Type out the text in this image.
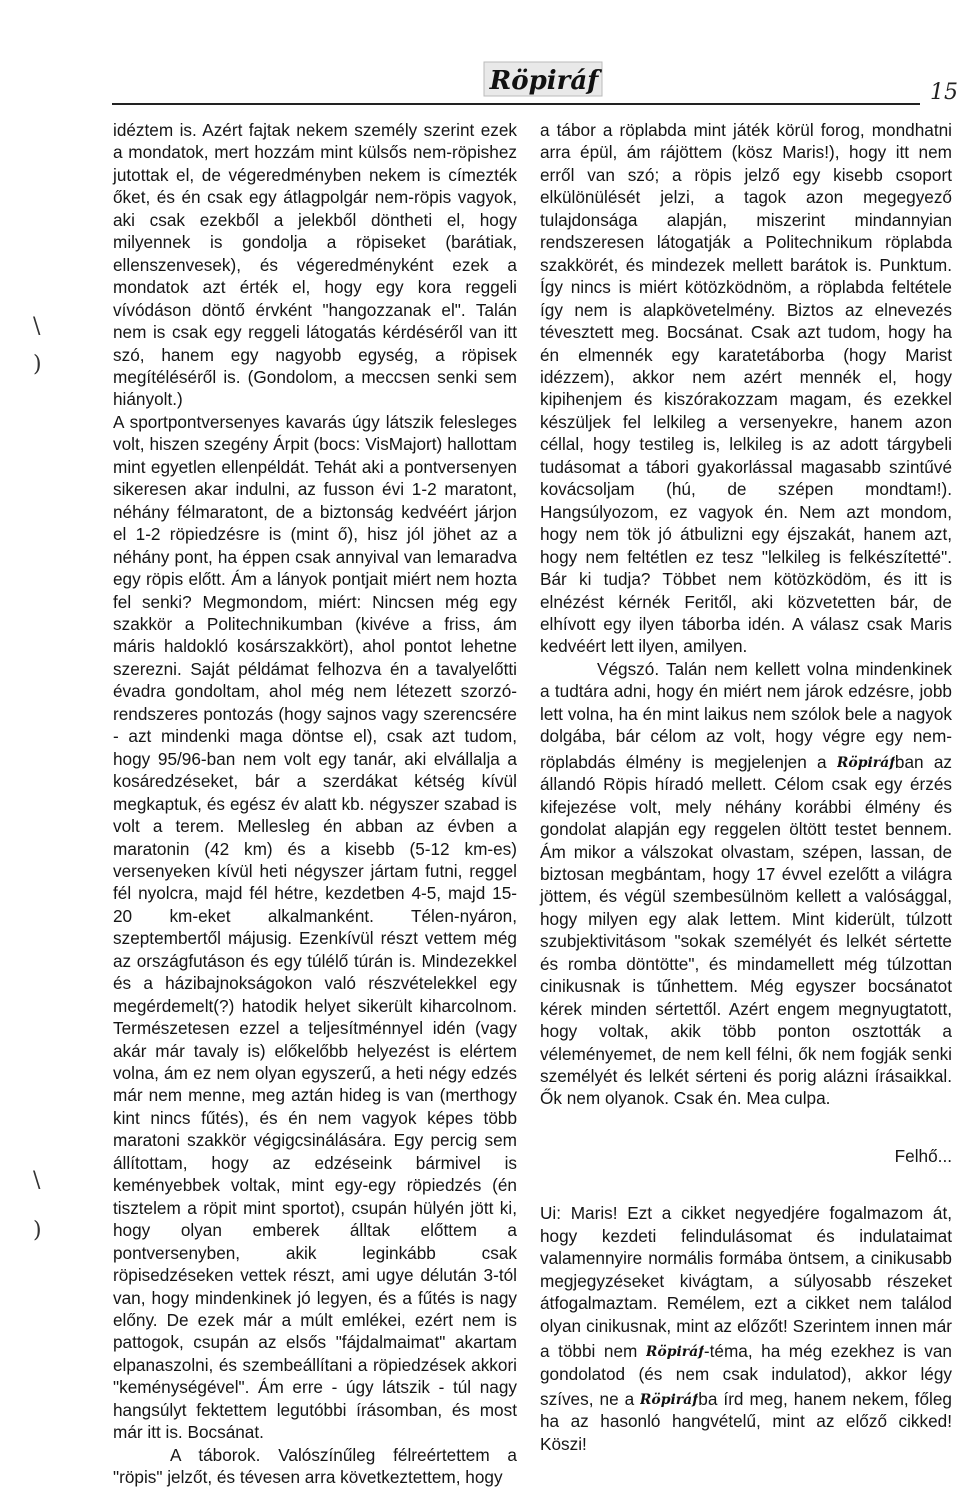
Röpiráf	15
\
)
\
)

idéztem is. Azért fajtak nekem személy szerint ezek a mondatok, mert hozzám mint külsős nem-röpishez jutottak el, de végeredményben nekem is címezték őket, és én csak egy átlagpolgár nem-röpis vagyok, aki csak ezekből a jelekből döntheti el, hogy milyennek is gondolja a röpiseket (barátiak, ellenszenvesek), és végeredményként ezek a mondatok azt érték el, hogy egy kora reggeli vívódáson döntő érvként "hangozzanak el". Talán nem is csak egy reggeli látogatás kérdéséről van itt szó, hanem egy nagyobb egység, a röpisek megítéléséről is. (Gondolom, a meccsen senki sem hiányolt.)

A sportpontversenyes kavarás úgy látszik felesleges volt, hiszen szegény Árpit (bocs: VisMajort) hallottam mint egyetlen ellenpéldát. Tehát aki a pontversenyen sikeresen akar indulni, az fusson évi 1-2 maratont, néhány félmaratont, de a biztonság kedvéért járjon el 1-2 röpiedzésre is (mint ő), hisz jól jöhet az a néhány pont, ha éppen csak annyival van lemaradva egy röpis előtt. Ám a lányok pontjait miért nem hozta fel senki? Megmondom, miért: Nincsen még egy szakkör a Politechnikumban (kivéve a friss, ám máris haldokló kosárszakkört), ahol pontot lehetne szerezni. Saját példámat felhozva én a tavalyelőtti évadra gondoltam, ahol még nem létezett szorzó-rendszeres pontozás (hogy sajnos vagy szerencsére - azt mindenki maga döntse el), csak azt tudom, hogy 95/96-ban nem volt egy tanár, aki elvállalja a kosáredzéseket, bár a szerdákat kétség kívül megkaptuk, és egész év alatt kb. négyszer szabad is volt a terem. Mellesleg én abban az évben a maratonin (42 km) és a kisebb (5-12 km-es) versenyeken kívül heti négyszer jártam futni, reggel fél nyolcra, majd fél hétre, kezdetben 4-5, majd 15-20 km-eket alkalmanként. Télen-nyáron, szeptembertől májusig. Ezenkívül részt vettem még az országfutáson és egy túlélő túrán is. Mindezekkel és a házibajnokságokon való részvételekkel egy megérdemelt(?) hatodik helyet sikerült kiharcolnom. Természetesen ezzel a teljesítménnyel idén (vagy akár már tavaly is) előkelőbb helyezést is elértem volna, ám ez nem olyan egyszerű, a heti négy edzés már nem menne, meg aztán hideg is van (merthogy kint nincs fűtés), és én nem vagyok képes több maratoni szakkör végigcsinálására. Egy percig sem állítottam, hogy az edzéseink bármivel is keményebbek voltak, mint egy-egy röpiedzés (én tisztelem a röpit mint sportot), csupán hülyén jött ki, hogy olyan emberek álltak előttem a pontversenyben, akik leginkább csak röpisedzéseken vettek részt, ami ugye délután 3-tól van, hogy mindenkinek jó legyen, és a fűtés is nagy előny. De ezek már a múlt emlékei, ezért nem is pattogok, csupán az elsős "fájdalmaimat" akartam elpanaszolni, és szembeállítani a röpiedzések akkori "keménységével". Ám erre - úgy látszik - túl nagy hangsúlyt fektettem legutóbbi írásomban, és most már itt is. Bocsánat.

A táborok. Valószínűleg félreértettem a "röpis" jelzőt, és tévesen arra következtettem, hogy

a tábor a röplabda mint játék körül forog, mondhatni arra épül, ám rájöttem (kösz Maris!), hogy itt nem erről van szó; a röpis jelző egy kisebb csoport elkülönülését jelzi, a tagok azon megegyező tulajdonsága alapján, miszerint mindannyian rendszeresen látogatják a Politechnikum röplabda szakkörét, és mindezek mellett barátok is. Punktum. Így nincs is miért kötözködnöm, a röplabda feltétele így nem is alapkövetelmény. Biztos az elnevezés tévesztett meg. Bocsánat. Csak azt tudom, hogy ha én elmennék egy karatetáborba (hogy Marist idézzem), akkor nem azért mennék el, hogy kipihenjem és kiszórakozzam magam, és ezekkel készüljek fel lelkileg a versenyekre, hanem azon céllal, hogy testileg is, lelkileg is az adott tárgybeli tudásomat a tábori gyakorlással magasabb szintűvé kovácsoljam (hú, de szépen mondtam!). Hangsúlyozom, ez vagyok én. Nem azt mondom, hogy nem tök jó átbulizni egy éjszakát, hanem azt, hogy nem feltétlen ez tesz "lelkileg is felkészítetté". Bár ki tudja? Többet nem kötözködöm, és itt is elnézést kérnék Feritől, aki közvetetten bár, de elhívott egy ilyen táborba idén. A válasz csak Maris kedvéért lett ilyen, amilyen.

Végszó. Talán nem kellett volna mindenkinek a tudtára adni, hogy én miért nem járok edzésre, jobb lett volna, ha én mint laikus nem szólok bele a nagyok dolgába, bár célom az volt, hogy végre egy nem-röplabdás élmény is megjelenjen a Röpiráf ban az állandó Röpis híradó mellett. Célom csak egy érzés kifejezése volt, mely néhány korábbi élmény és gondolat alapján egy reggelen öltött testet bennem. Ám mikor a válszokat olvastam, szépen, lassan, de biztosan megbántam, hogy 17 évvel ezelőtt a világra jöttem, és végül szembesülnöm kellett a valósággal, hogy milyen egy alak lettem. Mint kiderült, túlzott szubjektivitásom "sokak személyét és lelkét sértette és romba döntötte", és mindamellett még túlzottan cinikusnak is tűnhettem. Még egyszer bocsánatot kérek minden sértettől. Azért engem megnyugtatott, hogy voltak, akik több ponton osztották a véleményemet, de nem kell félni, ők nem fogják senki személyét és lelkét sérteni és porig alázni írásaikkal. Ők nem olyanok. Csak én. Mea culpa.

Felhő...

Ui: Maris! Ezt a cikket negyedjére fogalmazom át, hogy kezdeti felindulásomat és indulataimat valamennyire normális formába öntsem, a cinikusabb megjegyzéseket kivágtam, a súlyosabb részeket átfogalmaztam. Remélem, ezt a cikket nem találod olyan cinikusnak, mint az előzőt! Szerintem innen már a többi nem Röpiráf -téma, ha még ezekhez is van gondolatod (és nem csak indulatod), akkor légy szíves, ne a Röpiráf ba írd meg, hanem nekem, főleg ha az hasonló hangvételű, mint az előző cikked! Köszi!
